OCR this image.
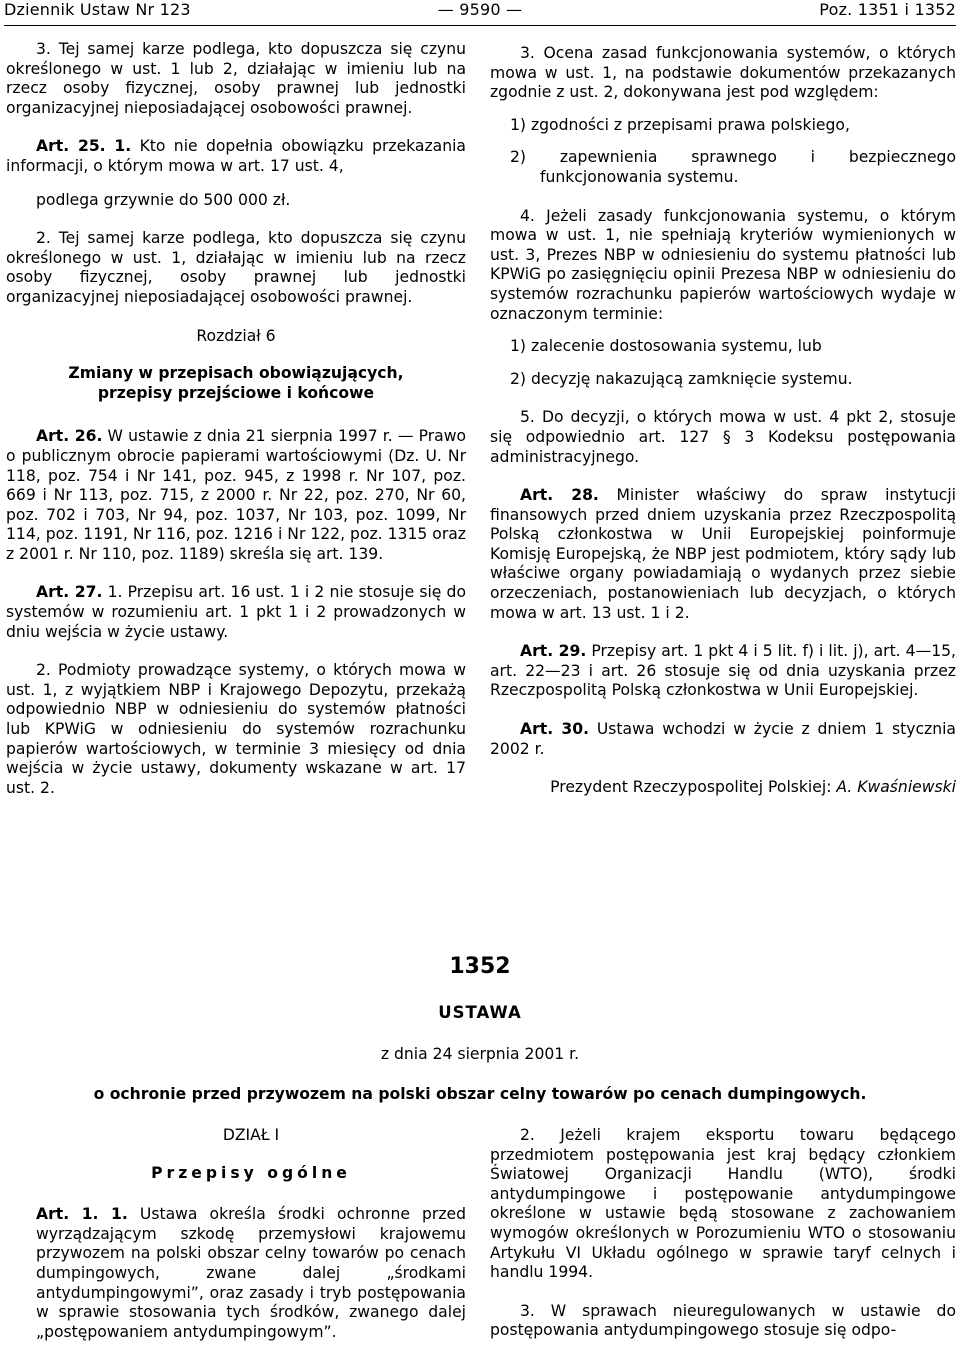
Dziennik Ustaw Nr 123	— 9590 —	Poz. 1351 i 1352

3. Tej samej karze podlega, kto dopuszcza się czynu określonego w ust. 1 lub 2, działając w imieniu lub na rzecz osoby fizycznej, osoby prawnej lub jednostki organizacyjnej nieposiadającej osobowości prawnej.

Art. 25. 1. Kto nie dopełnia obowiązku przekazania informacji, o którym mowa w art. 17 ust. 4,

podlega grzywnie do 500 000 zł.

2. Tej samej karze podlega, kto dopuszcza się czynu określonego w ust. 1, działając w imieniu lub na rzecz osoby fizycznej, osoby prawnej lub jednostki organizacyjnej nieposiadającej osobowości prawnej.

Rozdział 6

Zmiany w przepisach obowiązujących, przepisy przejściowe i końcowe

Art. 26. W ustawie z dnia 21 sierpnia 1997 r. — Prawo o publicznym obrocie papierami wartościowymi (Dz. U. Nr 118, poz. 754 i Nr 141, poz. 945, z 1998 r. Nr 107, poz. 669 i Nr 113, poz. 715, z 2000 r. Nr 22, poz. 270, Nr 60, poz. 702 i 703, Nr 94, poz. 1037, Nr 103, poz. 1099, Nr 114, poz. 1191, Nr 116, poz. 1216 i Nr 122, poz. 1315 oraz z 2001 r. Nr 110, poz. 1189) skreśla się art. 139.

Art. 27. 1. Przepisu art. 16 ust. 1 i 2 nie stosuje się do systemów w rozumieniu art. 1 pkt 1 i 2 prowadzonych w dniu wejścia w życie ustawy.

2. Podmioty prowadzące systemy, o których mowa w ust. 1, z wyjątkiem NBP i Krajowego Depozytu, przekażą odpowiednio NBP w odniesieniu do systemów płatności lub KPWiG w odniesieniu do systemów rozrachunku papierów wartościowych, w terminie 3 miesięcy od dnia wejścia w życie ustawy, dokumenty wskazane w art. 17 ust. 2.

3. Ocena zasad funkcjonowania systemów, o których mowa w ust. 1, na podstawie dokumentów przekazanych zgodnie z ust. 2, dokonywana jest pod względem:

1) zgodności z przepisami prawa polskiego,

2) zapewnienia sprawnego i bezpiecznego funkcjonowania systemu.

4. Jeżeli zasady funkcjonowania systemu, o którym mowa w ust. 1, nie spełniają kryteriów wymienionych w ust. 3, Prezes NBP w odniesieniu do systemu płatności lub KPWiG po zasięgnięciu opinii Prezesa NBP w odniesieniu do systemów rozrachunku papierów wartościowych wydaje w oznaczonym terminie:

1) zalecenie dostosowania systemu, lub

2) decyzję nakazującą zamknięcie systemu.

5. Do decyzji, o których mowa w ust. 4 pkt 2, stosuje się odpowiednio art. 127 § 3 Kodeksu postępowania administracyjnego.

Art. 28. Minister właściwy do spraw instytucji finansowych przed dniem uzyskania przez Rzeczpospolitą Polską członkostwa w Unii Europejskiej poinformuje Komisję Europejską, że NBP jest podmiotem, który sądy lub właściwe organy powiadamiają o wydanych przez siebie orzeczeniach, postanowieniach lub decyzjach, o których mowa w art. 13 ust. 1 i 2.

Art. 29. Przepisy art. 1 pkt 4 i 5 lit. f) i lit. j), art. 4—15, art. 22—23 i art. 26 stosuje się od dnia uzyskania przez Rzeczpospolitą Polską członkostwa w Unii Europejskiej.

Art. 30. Ustawa wchodzi w życie z dniem 1 stycznia 2002 r.

Prezydent Rzeczypospolitej Polskiej: A. Kwaśniewski

1352
USTAWA
z dnia 24 sierpnia 2001 r.
o ochronie przed przywozem na polski obszar celny towarów po cenach dumpingowych.

DZIAŁ I

Przepisy ogólne

Art. 1. 1. Ustawa określa środki ochronne przed wyrządzającym szkodę przemysłowi krajowemu przywozem na polski obszar celny towarów po cenach dumpingowych, zwane dalej „środkami antydumpingowymi”, oraz zasady i tryb postępowania w sprawie stosowania tych środków, zwanego dalej „postępowaniem antydumpingowym”.

2. Jeżeli krajem eksportu towaru będącego przedmiotem postępowania jest kraj będący członkiem Światowej Organizacji Handlu (WTO), środki antydumpingowe i postępowanie antydumpingowe określone w ustawie będą stosowane z zachowaniem wymogów określonych w Porozumieniu WTO o stosowaniu Artykułu VI Układu ogólnego w sprawie taryf celnych i handlu 1994.

3. W sprawach nieuregulowanych w ustawie do postępowania antydumpingowego stosuje się odpo-
